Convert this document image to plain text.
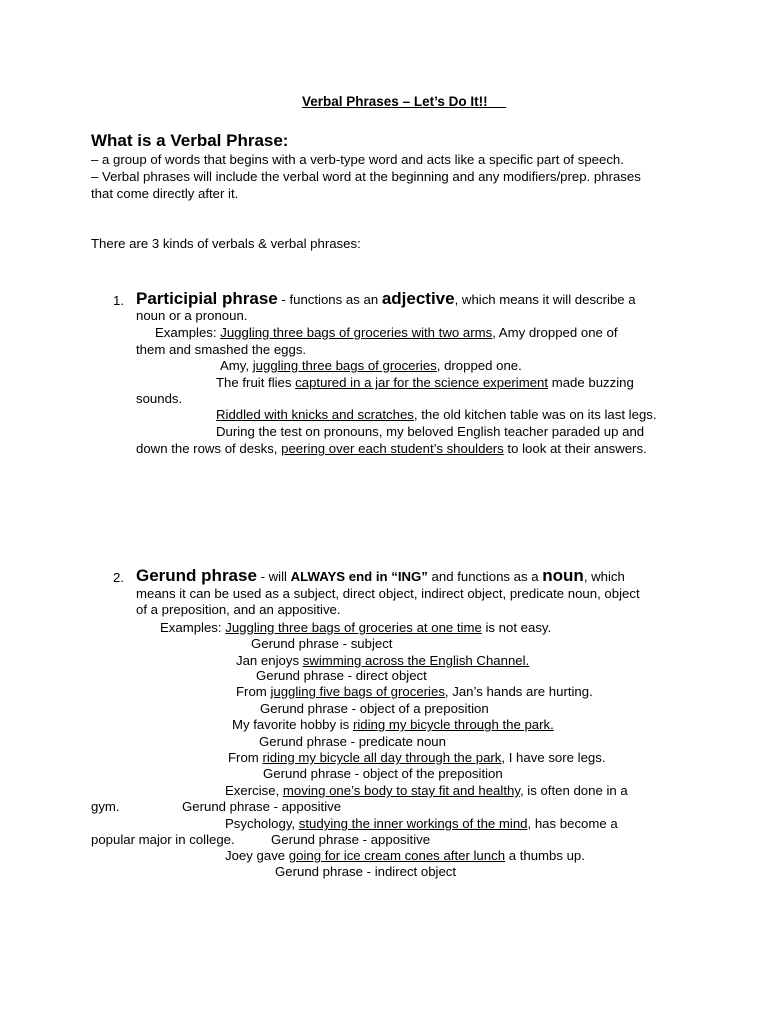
Verbal Phrases – Let’s Do It!!
What is a Verbal Phrase:
– a group of words that begins with a verb-type word and acts like a specific part of speech.
– Verbal phrases will include the verbal word at the beginning and any modifiers/prep. phrases
that come directly after it.
There are 3 kinds of verbals & verbal phrases:
1. Participial phrase - functions as an adjective, which means it will describe a
noun or a pronoun.
Examples: Juggling three bags of groceries with two arms, Amy dropped one of
them and smashed the eggs.
Amy, juggling three bags of groceries, dropped one.
The fruit flies captured in a jar for the science experiment made buzzing
sounds.
Riddled with knicks and scratches, the old kitchen table was on its last legs.
During the test on pronouns, my beloved English teacher paraded up and
down the rows of desks, peering over each student’s shoulders to look at their answers.
2. Gerund phrase - will ALWAYS end in “ING” and functions as a noun, which
means it can be used as a subject, direct object, indirect object, predicate noun, object
of a preposition, and an appositive.
Examples: Juggling three bags of groceries at one time is not easy.
Gerund phrase - subject
Jan enjoys swimming across the English Channel.
Gerund phrase - direct object
From juggling five bags of groceries, Jan’s hands are hurting.
Gerund phrase - object of a preposition
My favorite hobby is riding my bicycle through the park.
Gerund phrase - predicate noun
From riding my bicycle all day through the park, I have sore legs.
Gerund phrase - object of the preposition
Exercise, moving one’s body to stay fit and healthy, is often done in a
gym.	Gerund phrase - appositive
Psychology, studying the inner workings of the mind, has become a
popular major in college.	Gerund phrase - appositive
Joey gave going for ice cream cones after lunch a thumbs up.
Gerund phrase - indirect object
